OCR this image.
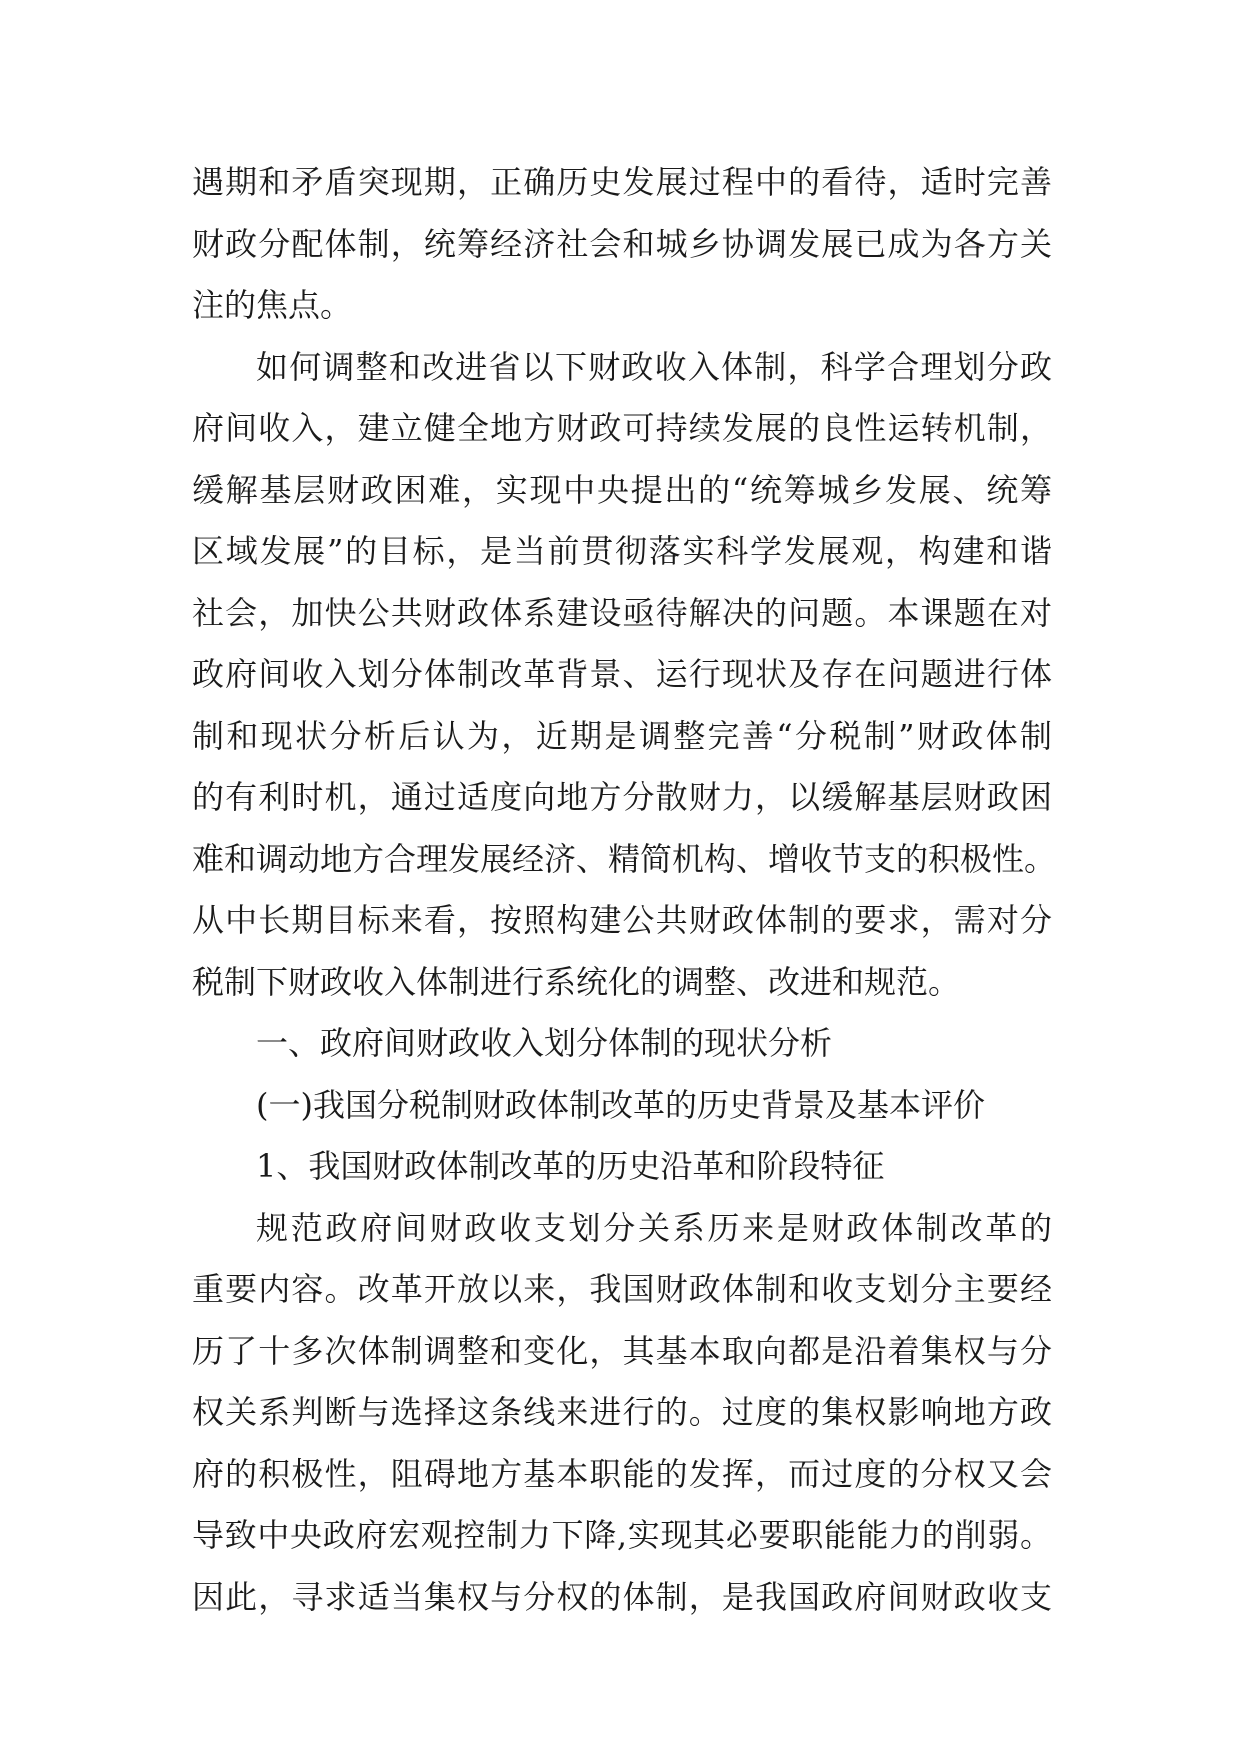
遇期和矛盾突现期，正确历史发展过程中的看待，适时完善
财政分配体制，统筹经济社会和城乡协调发展已成为各方关
注的焦点。
如何调整和改进省以下财政收入体制，科学合理划分政
府间收入，建立健全地方财政可持续发展的良性运转机制，
缓解基层财政困难，实现中央提出的“统筹城乡发展、统筹
区域发展”的目标，是当前贯彻落实科学发展观，构建和谐
社会，加快公共财政体系建设亟待解决的问题。本课题在对
政府间收入划分体制改革背景、运行现状及存在问题进行体
制和现状分析后认为，近期是调整完善“分税制”财政体制
的有利时机，通过适度向地方分散财力，以缓解基层财政困
难和调动地方合理发展经济、精简机构、增收节支的积极性。
从中长期目标来看，按照构建公共财政体制的要求，需对分
税制下财政收入体制进行系统化的调整、改进和规范。
一、政府间财政收入划分体制的现状分析
(一)我国分税制财政体制改革的历史背景及基本评价
1、我国财政体制改革的历史沿革和阶段特征
规范政府间财政收支划分关系历来是财政体制改革的
重要内容。改革开放以来，我国财政体制和收支划分主要经
历了十多次体制调整和变化，其基本取向都是沿着集权与分
权关系判断与选择这条线来进行的。过度的集权影响地方政
府的积极性，阻碍地方基本职能的发挥，而过度的分权又会
导致中央政府宏观控制力下降,实现其必要职能能力的削弱。
因此，寻求适当集权与分权的体制，是我国政府间财政收支
